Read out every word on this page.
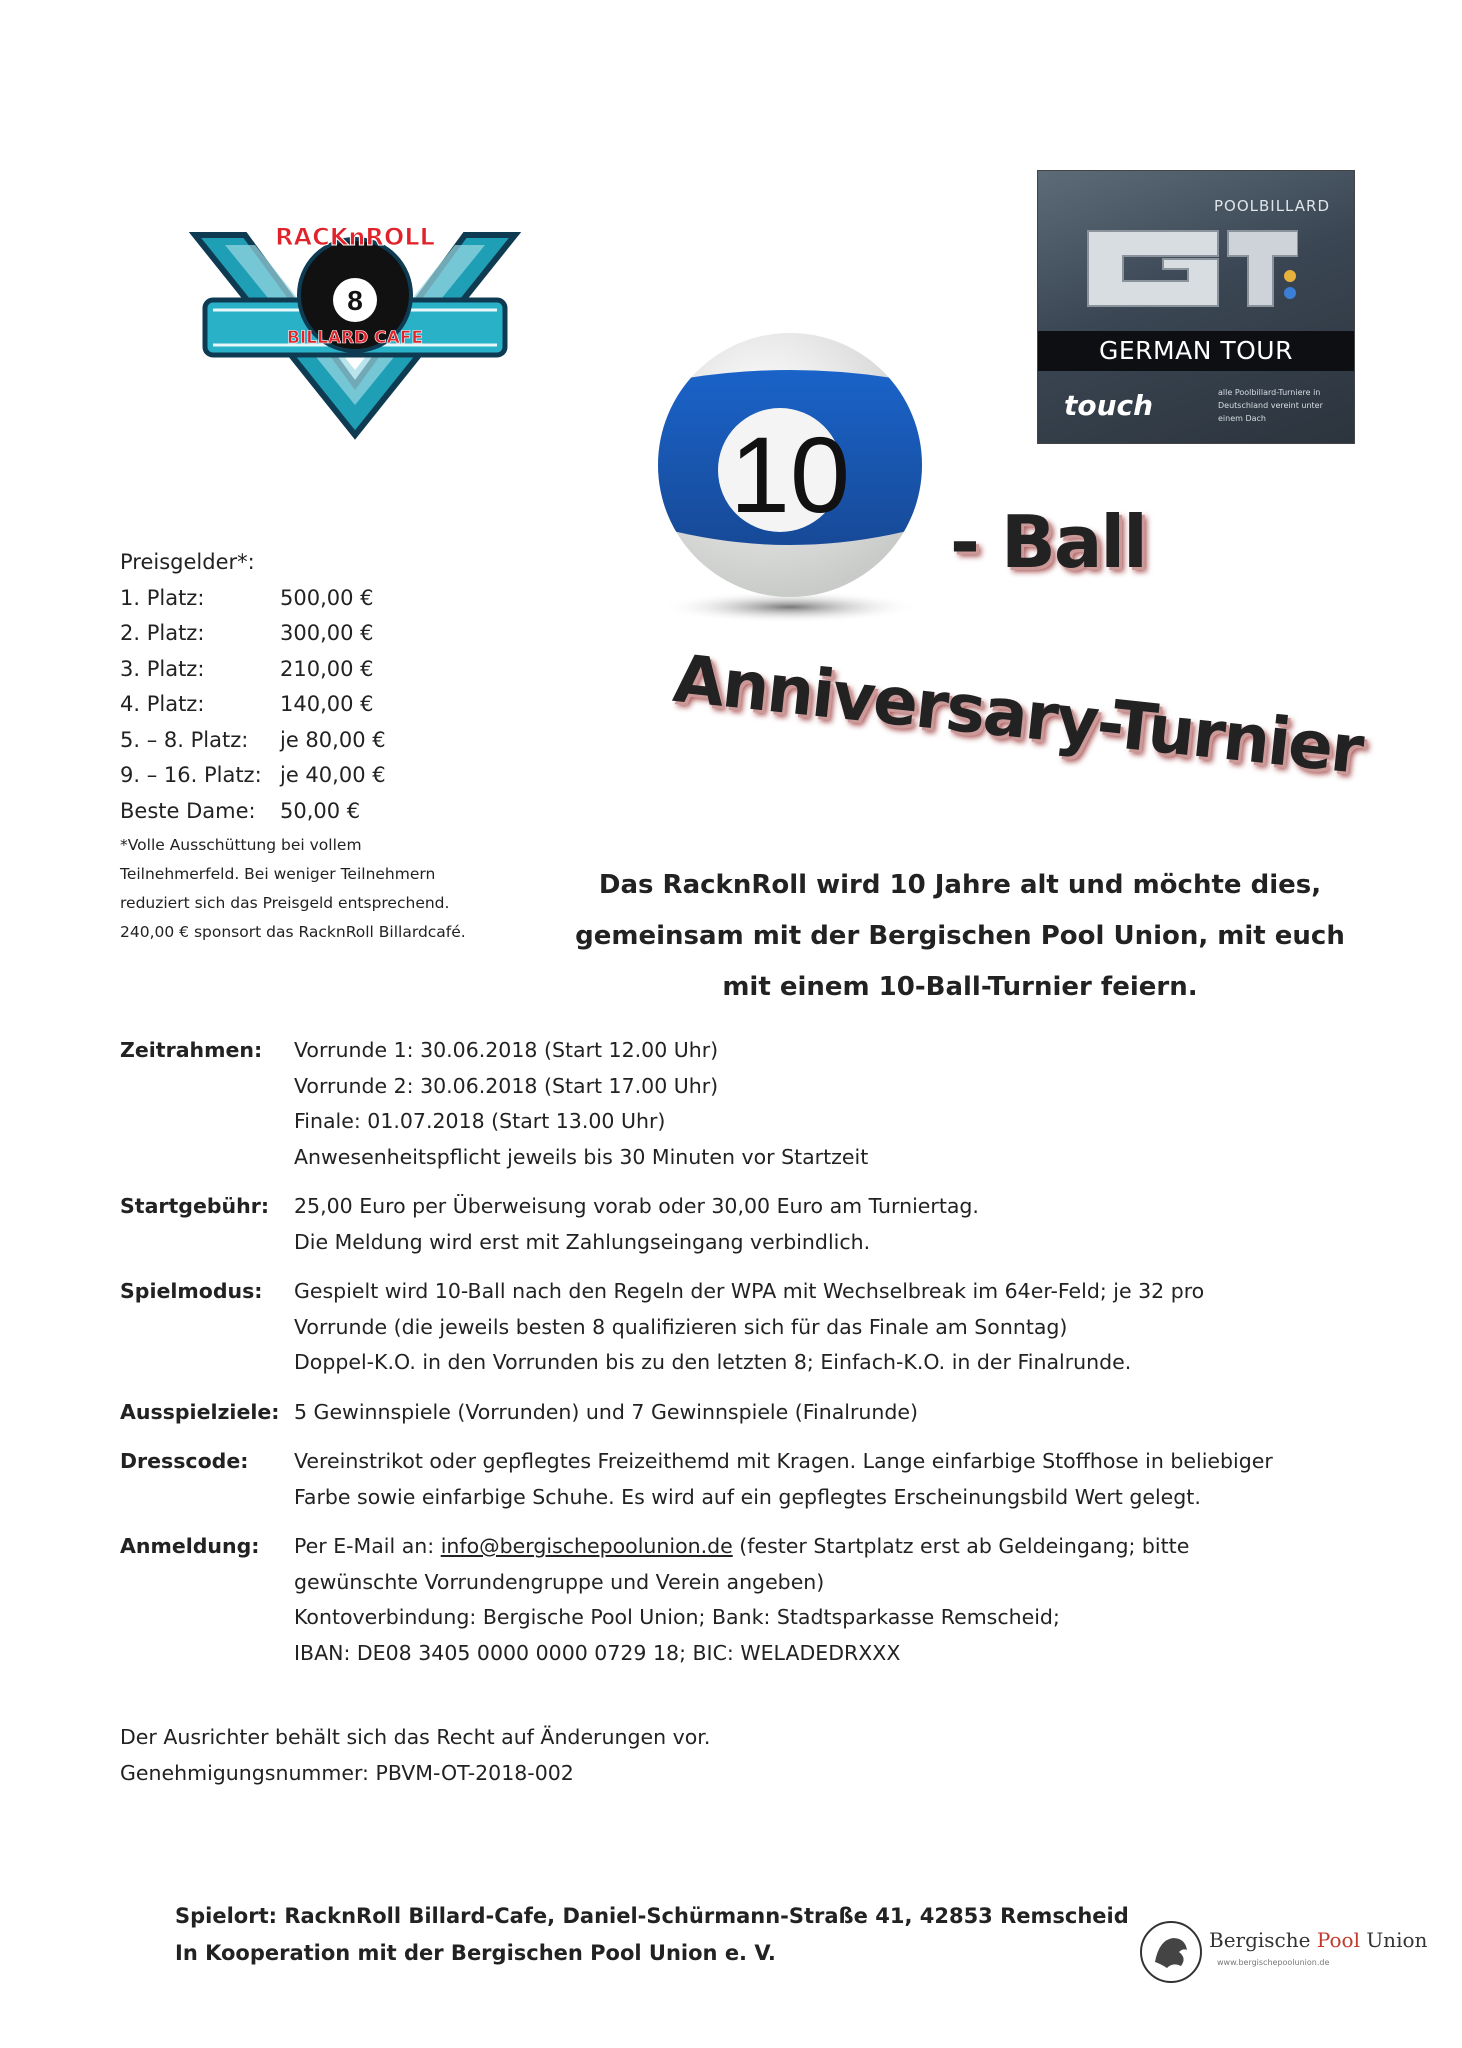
8
RACKnROLL
BILLARD CAFE
POOLBILLARD
GERMAN TOUR
touch	alle Poolbillard-Turniere in Deutschland vereint unter einem Dach
10
- Ball
Anniversary-Turnier
Preisgelder*:
1. Platz:	500,00 €
2. Platz:	300,00 €
3. Platz:	210,00 €
4. Platz:	140,00 €
5. – 8. Platz:	je 80,00 €
9. – 16. Platz: je 40,00 €
Beste Dame:	50,00 €
*Volle Ausschüttung bei vollem
Teilnehmerfeld. Bei weniger Teilnehmern
reduziert sich das Preisgeld entsprechend.
240,00 € sponsort das RacknRoll Billardcafé.
Das RacknRoll wird 10 Jahre alt und möchte dies,
gemeinsam mit der Bergischen Pool Union, mit euch
mit einem 10-Ball-Turnier feiern.
Zeitrahmen:	Vorrunde 1: 30.06.2018 (Start 12.00 Uhr)
Vorrunde 2: 30.06.2018 (Start 17.00 Uhr)
Finale: 01.07.2018 (Start 13.00 Uhr)
Anwesenheitspflicht jeweils bis 30 Minuten vor Startzeit
Startgebühr:	25,00 Euro per Überweisung vorab oder 30,00 Euro am Turniertag.
Die Meldung wird erst mit Zahlungseingang verbindlich.
Spielmodus:	Gespielt wird 10-Ball nach den Regeln der WPA mit Wechselbreak im 64er-Feld; je 32 pro
Vorrunde (die jeweils besten 8 qualifizieren sich für das Finale am Sonntag)
Doppel-K.O. in den Vorrunden bis zu den letzten 8; Einfach-K.O. in der Finalrunde.
Ausspielziele: 5 Gewinnspiele (Vorrunden) und 7 Gewinnspiele (Finalrunde)
Dresscode:	Vereinstrikot oder gepflegtes Freizeithemd mit Kragen. Lange einfarbige Stoffhose in beliebiger
Farbe sowie einfarbige Schuhe. Es wird auf ein gepflegtes Erscheinungsbild Wert gelegt.
Anmeldung:	Per E-Mail an: info@bergischepoolunion.de (fester Startplatz erst ab Geldeingang; bitte
gewünschte Vorrundengruppe und Verein angeben)
Kontoverbindung: Bergische Pool Union; Bank: Stadtsparkasse Remscheid;
IBAN: DE08 3405 0000 0000 0729 18; BIC: WELADEDRXXX
Der Ausrichter behält sich das Recht auf Änderungen vor.
Genehmigungsnummer: PBVM-OT-2018-002
Spielort: RacknRoll Billard-Cafe, Daniel-Schürmann-Straße 41, 42853 Remscheid
In Kooperation mit der Bergischen Pool Union e. V.
Bergische Pool Union
www.bergischepoolunion.de
